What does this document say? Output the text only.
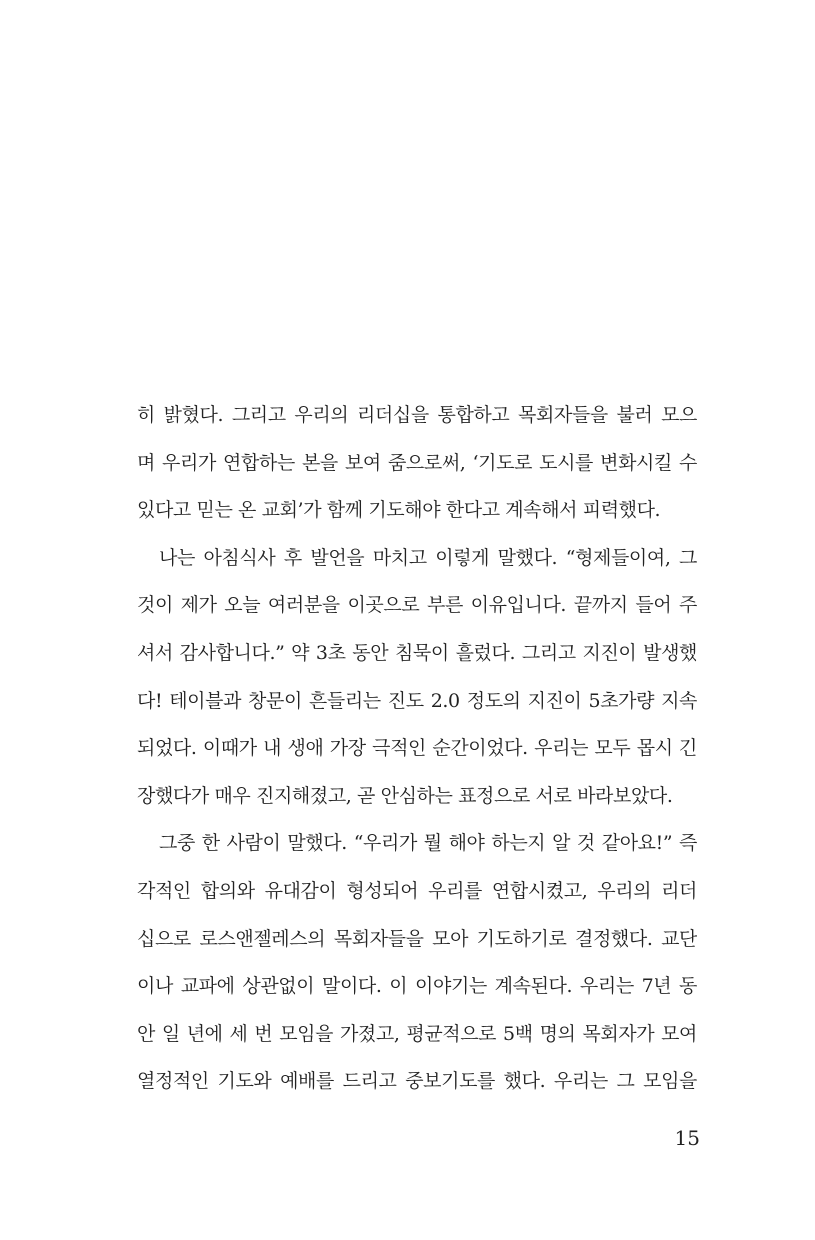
히 밝혔다. 그리고 우리의 리더십을 통합하고 목회자들을 불러 모으
며 우리가 연합하는 본을 보여 줌으로써, ‘기도로 도시를 변화시킬 수
있다고 믿는 온 교회’가 함께 기도해야 한다고 계속해서 피력했다.
나는 아침식사 후 발언을 마치고 이렇게 말했다. “형제들이여, 그
것이 제가 오늘 여러분을 이곳으로 부른 이유입니다. 끝까지 들어 주
셔서 감사합니다.” 약 3초 동안 침묵이 흘렀다. 그리고 지진이 발생했
다! 테이블과 창문이 흔들리는 진도 2.0 정도의 지진이 5초가량 지속
되었다. 이때가 내 생애 가장 극적인 순간이었다. 우리는 모두 몹시 긴
장했다가 매우 진지해졌고, 곧 안심하는 표정으로 서로 바라보았다.
그중 한 사람이 말했다. “우리가 뭘 해야 하는지 알 것 같아요!” 즉
각적인 합의와 유대감이 형성되어 우리를 연합시켰고, 우리의 리더
십으로 로스앤젤레스의 목회자들을 모아 기도하기로 결정했다. 교단
이나 교파에 상관없이 말이다. 이 이야기는 계속된다. 우리는 7년 동
안 일 년에 세 번 모임을 가졌고, 평균적으로 5백 명의 목회자가 모여
열정적인 기도와 예배를 드리고 중보기도를 했다. 우리는 그 모임을
15
